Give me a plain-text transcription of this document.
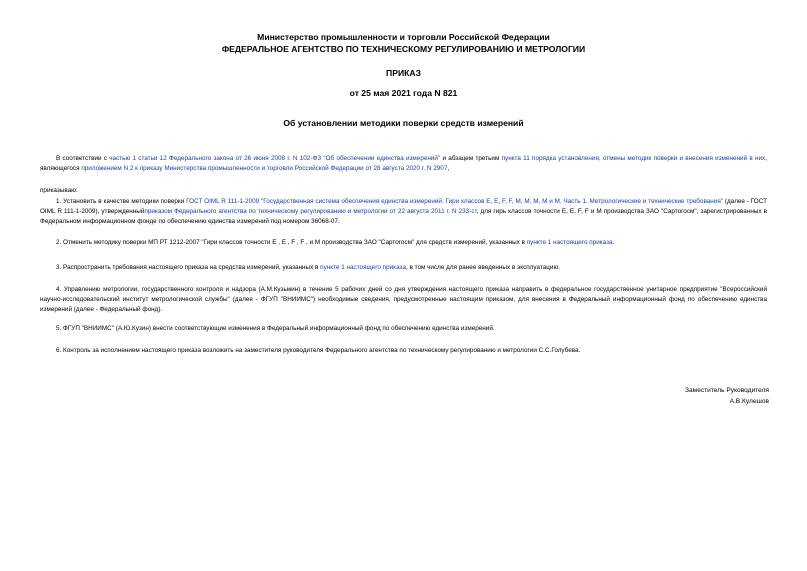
Министерство промышленности и торговли Российской Федерации
ФЕДЕРАЛЬНОЕ АГЕНТСТВО ПО ТЕХНИЧЕСКОМУ РЕГУЛИРОВАНИЮ И МЕТРОЛОГИИ
ПРИКАЗ
от 25 мая 2021 года N 821
Об установлении методики поверки средств измерений

В соответствии с частью 1 статьи 12 Федерального закона от 26 июня 2008 г. N 102-ФЗ "Об обеспечении единства измерений" и абзацем третьим пункта 11 порядка установления, отмены методик поверки и внесения изменений в них, являющегося приложением N 2 к приказу Министерства промышленности и торговли Российской Федерации от 28 августа 2020 г. N 2907,

приказываю:

1. Установить в качестве методики поверки ГОСТ OIML R 111-1-2009 "Государственная система обеспечения единства измерений. Гири классов Е, Е, F, F, M, M, M, M и М. Часть 1. Метрологические и технические требования" (далее - ГОСТ OIML R 111-1-2009), утвержденныйприказом Федерального агентства по техническому регулированию и метрологии от 22 августа 2011 г. N 233-ст, для гирь классов точности Е, Е, F, F и М производства ЗАО "Сартогосм", зарегистрированных в Федеральном информационном фонде по обеспечению единства измерений под номером 36068-07.

2. Отменить методику поверки МП РТ 1212-2007 "Гири классов точности Е , Е , F , F , и М производства ЗАО "Сартогосм" для средств измерений, указанных в пункте 1 настоящего приказа.

3. Распространить требования настоящего приказа на средства измерений, указанных в пункте 1 настоящего приказа, в том числе для ранее введенных в эксплуатацию.

4. Управлению метрологии, государственного контроля и надзора (А.М.Кузьмин) в течение 5 рабочих дней со дня утверждения настоящего приказа направить в федеральное государственное унитарное предприятие "Всероссийский научно-исследовательский институт метрологической службы" (далее - ФГУП "ВНИИМС") необходимые сведения, предусмотренные настоящим приказом, для внесения в Федеральный информационный фонд по обеспечению единства измерений (далее - Федеральный фонд).

5. ФГУП "ВНИИМС" (А.Ю.Кузин) внести соответствующие изменения в Федеральный информационный фонд по обеспечению единства измерений.

6. Контроль за исполнением настоящего приказа возложить на заместителя руководителя Федерального агентства по техническому регулированию и метрологии С.С.Голубева.

Заместитель Руководителя
А.В.Кулешов
